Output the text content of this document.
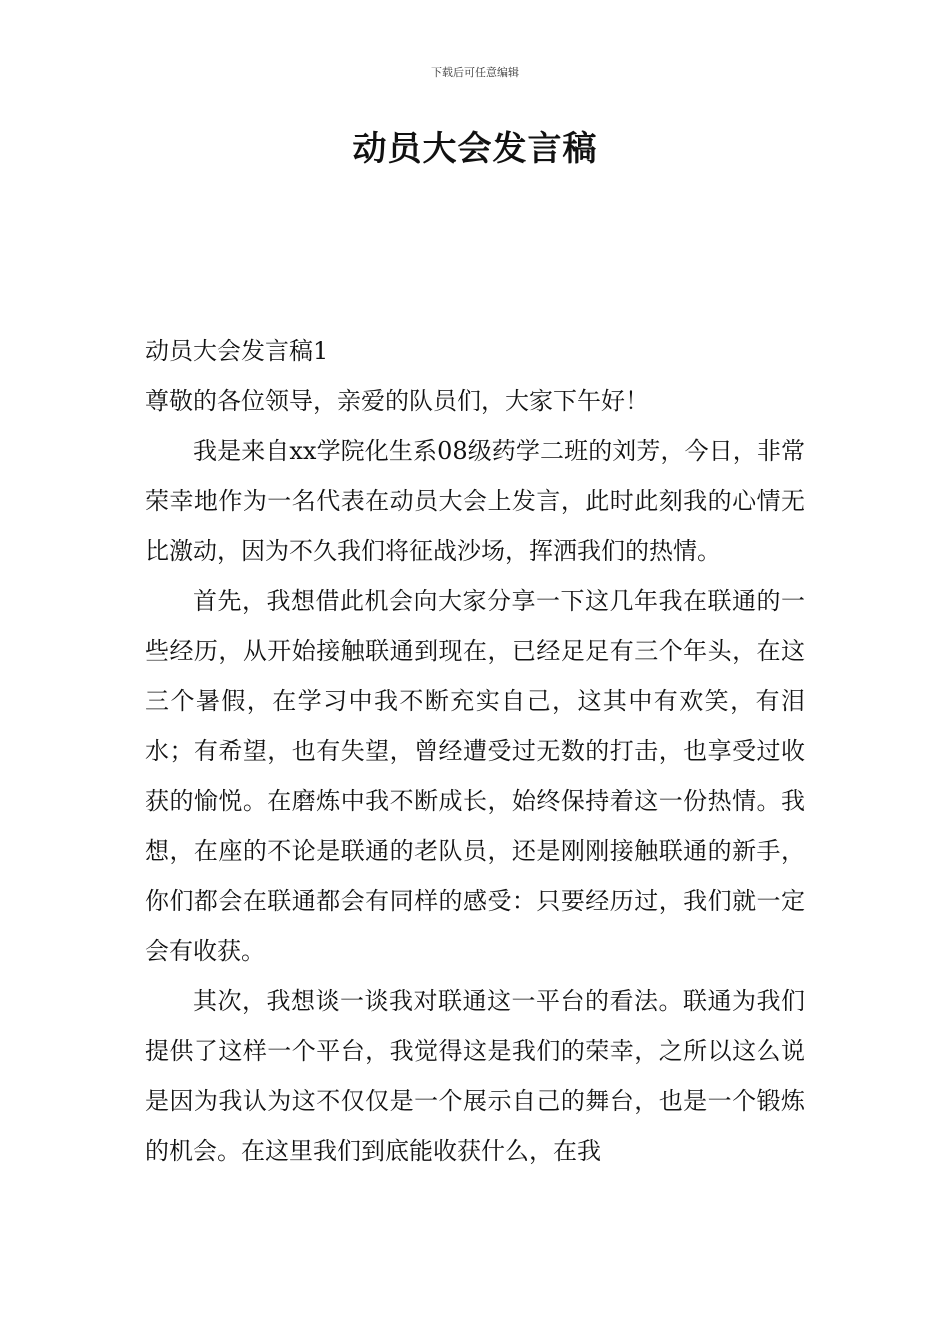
下载后可任意编辑
动员大会发言稿

动员大会发言稿1

尊敬的各位领导，亲爱的队员们，大家下午好！

我是来自xx学院化生系08级药学二班的刘芳，今日，非常荣幸地作为一名代表在动员大会上发言，此时此刻我的心情无比激动，因为不久我们将征战沙场，挥洒我们的热情。

首先，我想借此机会向大家分享一下这几年我在联通的一些经历，从开始接触联通到现在，已经足足有三个年头，在这三个暑假，在学习中我不断充实自己，这其中有欢笑，有泪水；有希望，也有失望，曾经遭受过无数的打击，也享受过收获的愉悦。在磨炼中我不断成长，始终保持着这一份热情。我想，在座的不论是联通的老队员，还是刚刚接触联通的新手，你们都会在联通都会有同样的感受：只要经历过，我们就一定会有收获。

其次，我想谈一谈我对联通这一平台的看法。联通为我们提供了这样一个平台，我觉得这是我们的荣幸，之所以这么说是因为我认为这不仅仅是一个展示自己的舞台，也是一个锻炼的机会。在这里我们到底能收获什么，在我
